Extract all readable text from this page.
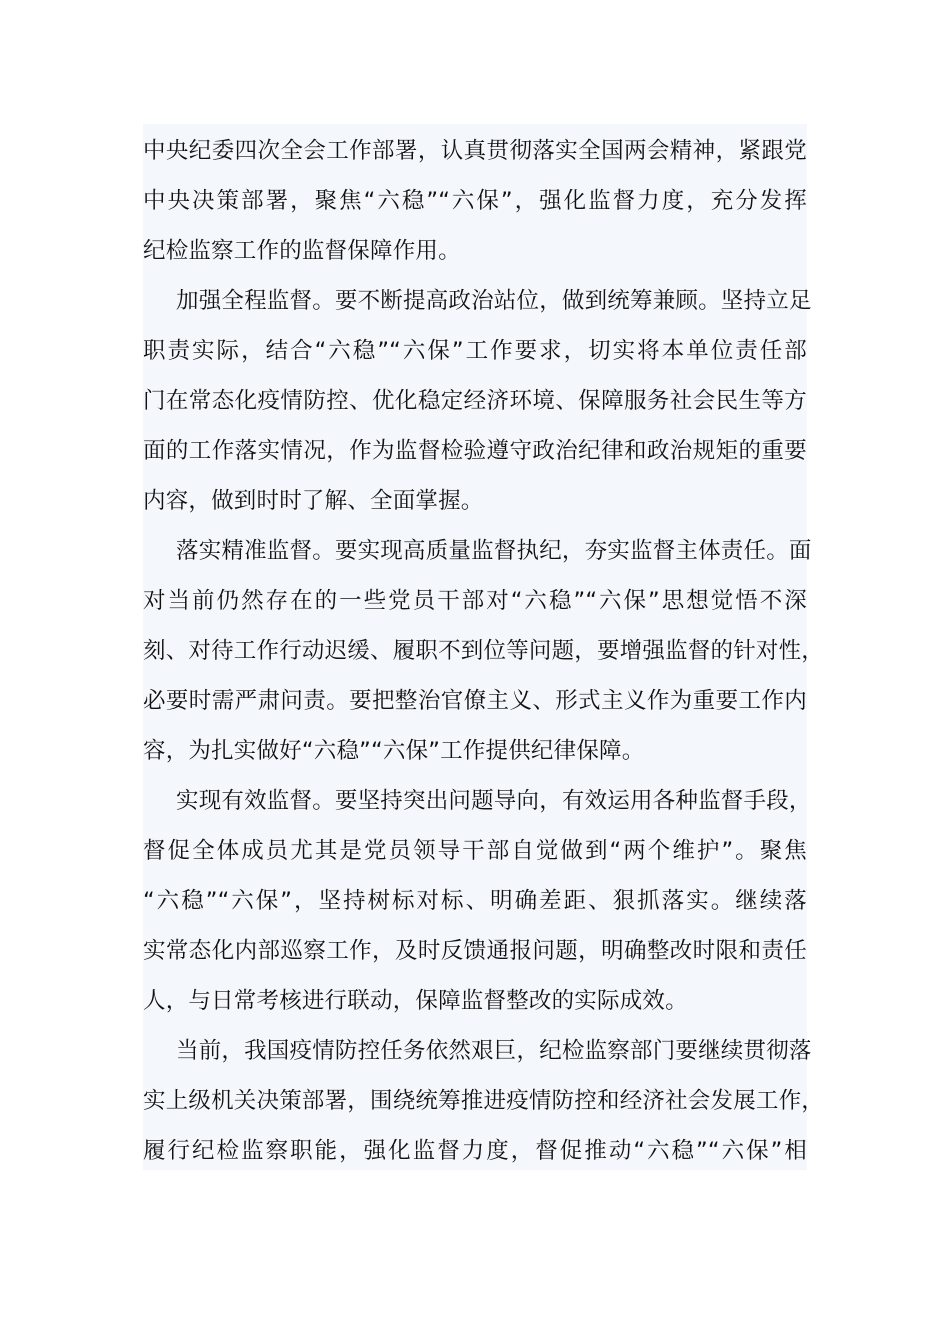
中央纪委四次全会工作部署，认真贯彻落实全国两会精神，紧跟党
中央决策部署，聚焦“六稳”“六保”，强化监督力度，充分发挥
纪检监察工作的监督保障作用。
加强全程监督。要不断提高政治站位，做到统筹兼顾。坚持立足
职责实际，结合“六稳”“六保”工作要求，切实将本单位责任部
门在常态化疫情防控、优化稳定经济环境、保障服务社会民生等方
面的工作落实情况，作为监督检验遵守政治纪律和政治规矩的重要
内容，做到时时了解、全面掌握。
落实精准监督。要实现高质量监督执纪，夯实监督主体责任。面
对当前仍然存在的一些党员干部对“六稳”“六保”思想觉悟不深
刻、对待工作行动迟缓、履职不到位等问题，要增强监督的针对性，
必要时需严肃问责。要把整治官僚主义、形式主义作为重要工作内
容，为扎实做好“六稳”“六保”工作提供纪律保障。
实现有效监督。要坚持突出问题导向，有效运用各种监督手段，
督促全体成员尤其是党员领导干部自觉做到“两个维护”。聚焦
“六稳”“六保”，坚持树标对标、明确差距、狠抓落实。继续落
实常态化内部巡察工作，及时反馈通报问题，明确整改时限和责任
人，与日常考核进行联动，保障监督整改的实际成效。
当前，我国疫情防控任务依然艰巨，纪检监察部门要继续贯彻落
实上级机关决策部署，围绕统筹推进疫情防控和经济社会发展工作，
履行纪检监察职能，强化监督力度，督促推动“六稳”“六保”相
